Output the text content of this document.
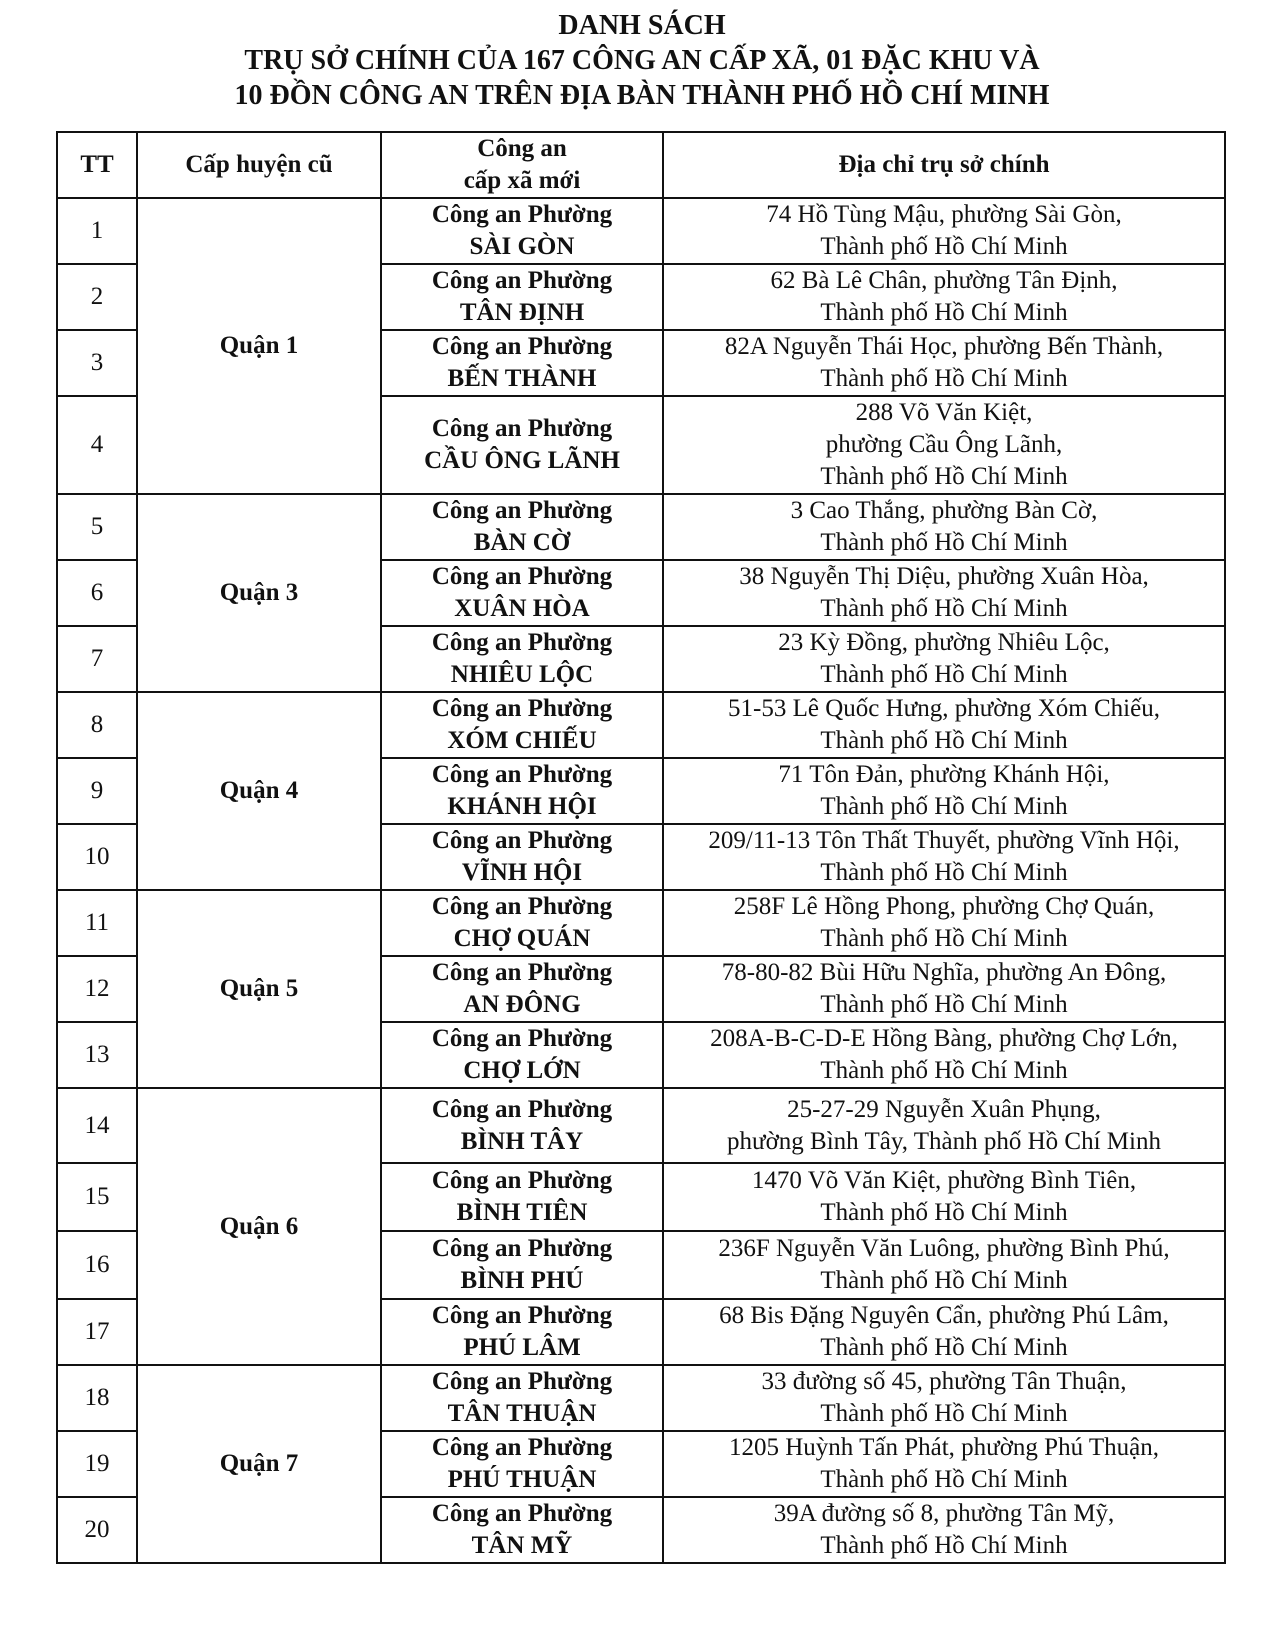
DANH SÁCH
TRỤ SỞ CHÍNH CỦA 167 CÔNG AN CẤP XÃ, 01 ĐẶC KHU VÀ
10 ĐỒN CÔNG AN TRÊN ĐỊA BÀN THÀNH PHỐ HỒ CHÍ MINH
TT	Cấp huyện cũ	Công an
cấp xã mới	Địa chỉ trụ sở chính
1	Quận 1	Công an Phường
SÀI GÒN	74 Hồ Tùng Mậu, phường Sài Gòn,
Thành phố Hồ Chí Minh

2		Công an Phường
TÂN ĐỊNH	62 Bà Lê Chân, phường Tân Định,
Thành phố Hồ Chí Minh

3		Công an Phường
BẾN THÀNH	82A Nguyễn Thái Học, phường Bến Thành,
Thành phố Hồ Chí Minh

4		Công an Phường
CẦU ÔNG LÃNH	288 Võ Văn Kiệt,
phường Cầu Ông Lãnh,
Thành phố Hồ Chí Minh

5	Quận 3	Công an Phường
BÀN CỜ	3 Cao Thắng, phường Bàn Cờ,
Thành phố Hồ Chí Minh

6		Công an Phường
XUÂN HÒA	38 Nguyễn Thị Diệu, phường Xuân Hòa,
Thành phố Hồ Chí Minh

7		Công an Phường
NHIÊU LỘC	23 Kỳ Đồng, phường Nhiêu Lộc,
Thành phố Hồ Chí Minh

8	Quận 4	Công an Phường
XÓM CHIẾU	51-53 Lê Quốc Hưng, phường Xóm Chiếu,
Thành phố Hồ Chí Minh

9		Công an Phường
KHÁNH HỘI	71 Tôn Đản, phường Khánh Hội,
Thành phố Hồ Chí Minh

10		Công an Phường
VĨNH HỘI	209/11-13 Tôn Thất Thuyết, phường Vĩnh Hội,
Thành phố Hồ Chí Minh

11	Quận 5	Công an Phường
CHỢ QUÁN	258F Lê Hồng Phong, phường Chợ Quán,
Thành phố Hồ Chí Minh

12		Công an Phường
AN ĐÔNG	78-80-82 Bùi Hữu Nghĩa, phường An Đông,
Thành phố Hồ Chí Minh

13		Công an Phường
CHỢ LỚN	208A-B-C-D-E Hồng Bàng, phường Chợ Lớn,
Thành phố Hồ Chí Minh

14	Quận 6	Công an Phường
BÌNH TÂY	25-27-29 Nguyễn Xuân Phụng,
phường Bình Tây, Thành phố Hồ Chí Minh

15		Công an Phường
BÌNH TIÊN	1470 Võ Văn Kiệt, phường Bình Tiên,
Thành phố Hồ Chí Minh

16		Công an Phường
BÌNH PHÚ	236F Nguyễn Văn Luông, phường Bình Phú,
Thành phố Hồ Chí Minh

17		Công an Phường
PHÚ LÂM	68 Bis Đặng Nguyên Cẩn, phường Phú Lâm,
Thành phố Hồ Chí Minh

18	Quận 7	Công an Phường
TÂN THUẬN	33 đường số 45, phường Tân Thuận,
Thành phố Hồ Chí Minh

19		Công an Phường
PHÚ THUẬN	1205 Huỳnh Tấn Phát, phường Phú Thuận,
Thành phố Hồ Chí Minh

20		Công an Phường
TÂN MỸ	39A đường số 8, phường Tân Mỹ,
Thành phố Hồ Chí Minh
